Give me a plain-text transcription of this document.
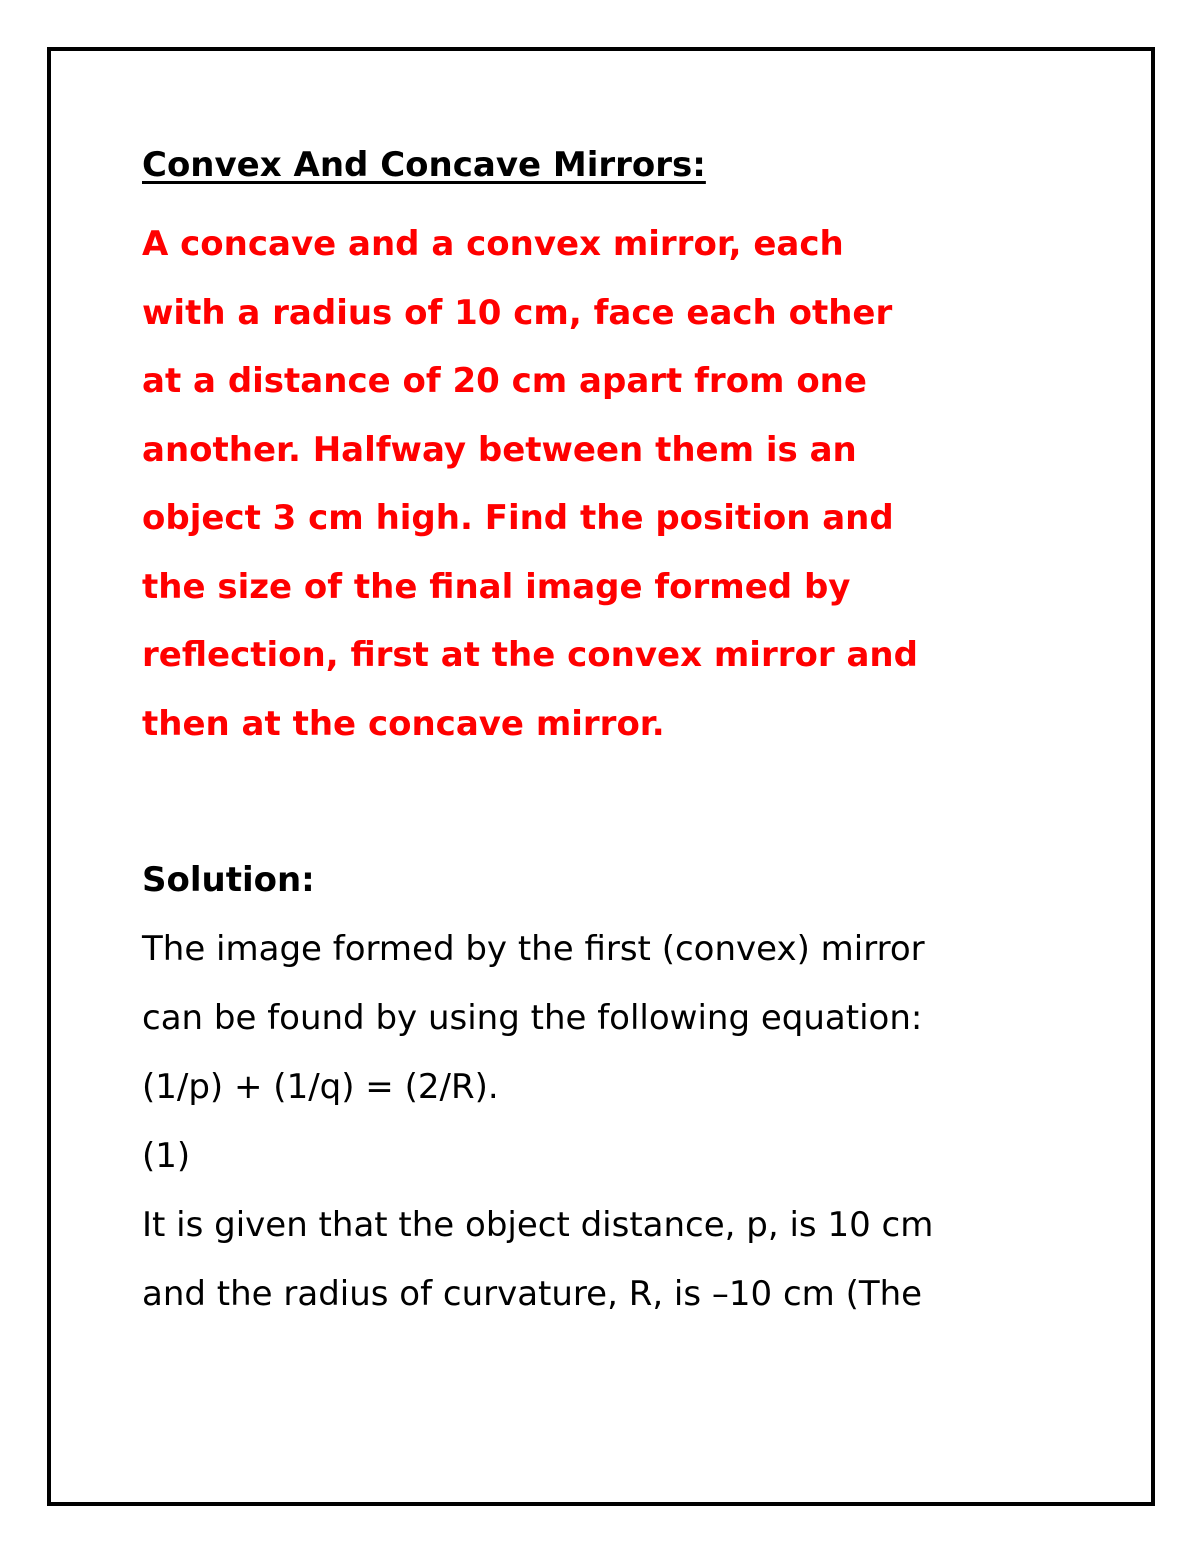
Convex And Concave Mirrors:
A concave and a convex mirror, each
with a radius of 10 cm, face each other
at a distance of 20 cm apart from one
another. Halfway between them is an
object 3 cm high. Find the position and
the size of the final image formed by
reflection, first at the convex mirror and
then at the concave mirror.
Solution:
The image formed by the first (convex) mirror
can be found by using the following equation:
(1/p) + (1/q) = (2/R).
(1)
It is given that the object distance, p, is 10 cm
and the radius of curvature, R, is –10 cm (The
